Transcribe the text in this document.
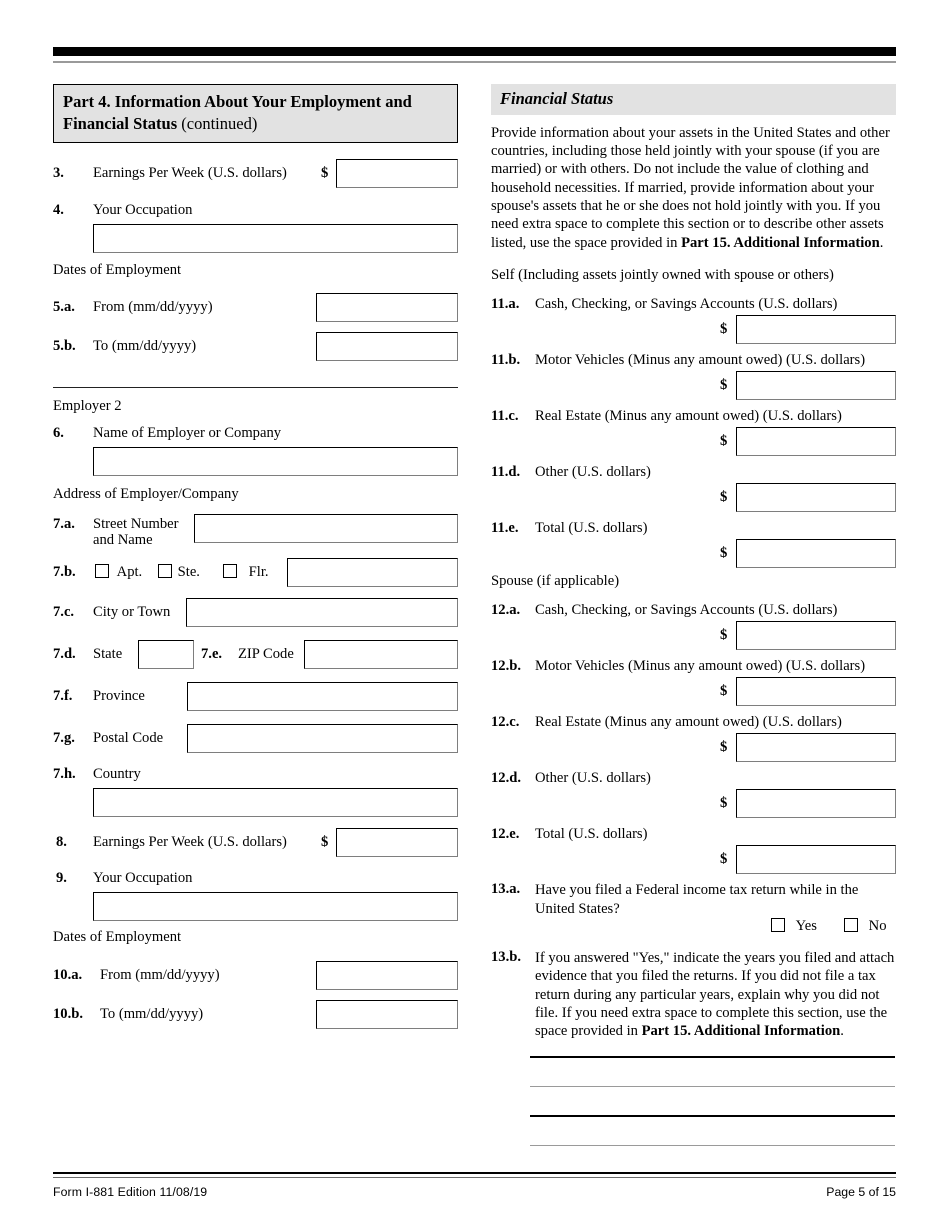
Part 4. Information About Your Employment and Financial Status (continued)
3. Earnings Per Week (U.S. dollars) $
4. Your Occupation
Dates of Employment
5.a. From (mm/dd/yyyy)
5.b. To (mm/dd/yyyy)
Employer 2
6. Name of Employer or Company
Address of Employer/Company
7.a. Street Number
and Name
7.b.	Apt.	Ste.	Flr.
7.c. City or Town
7.d. State	7.e. ZIP Code
7.f. Province
7.g. Postal Code
7.h. Country
8. Earnings Per Week (U.S. dollars) $
9. Your Occupation
Dates of Employment
10.a. From (mm/dd/yyyy)
10.b. To (mm/dd/yyyy)
Financial Status
Provide information about your assets in the United States and other countries, including those held jointly with your spouse (if you are married) or with others. Do not include the value of clothing and household necessities. If married, provide information about your spouse's assets that he or she does not hold jointly with you. If you need extra space to complete this section or to describe other assets listed, use the space provided in Part 15. Additional Information.
Self (Including assets jointly owned with spouse or others)
11.a. Cash, Checking, or Savings Accounts (U.S. dollars)
$
11.b. Motor Vehicles (Minus any amount owed) (U.S. dollars)
$
11.c. Real Estate (Minus any amount owed) (U.S. dollars)
$
11.d. Other (U.S. dollars)
$
11.e. Total (U.S. dollars)
$
Spouse (if applicable)
12.a. Cash, Checking, or Savings Accounts (U.S. dollars)
$
12.b. Motor Vehicles (Minus any amount owed) (U.S. dollars)
$
12.c. Real Estate (Minus any amount owed) (U.S. dollars)
$
12.d. Other (U.S. dollars)
$
12.e. Total (U.S. dollars)
$
13.a. Have you filed a Federal income tax return while in the United States?
Yes	No
13.b. If you answered "Yes," indicate the years you filed and attach evidence that you filed the returns. If you did not file a tax return during any particular years, explain why you did not file. If you need extra space to complete this section, use the space provided in Part 15. Additional Information.
Form I-881 Edition 11/08/19	Page 5 of 15
